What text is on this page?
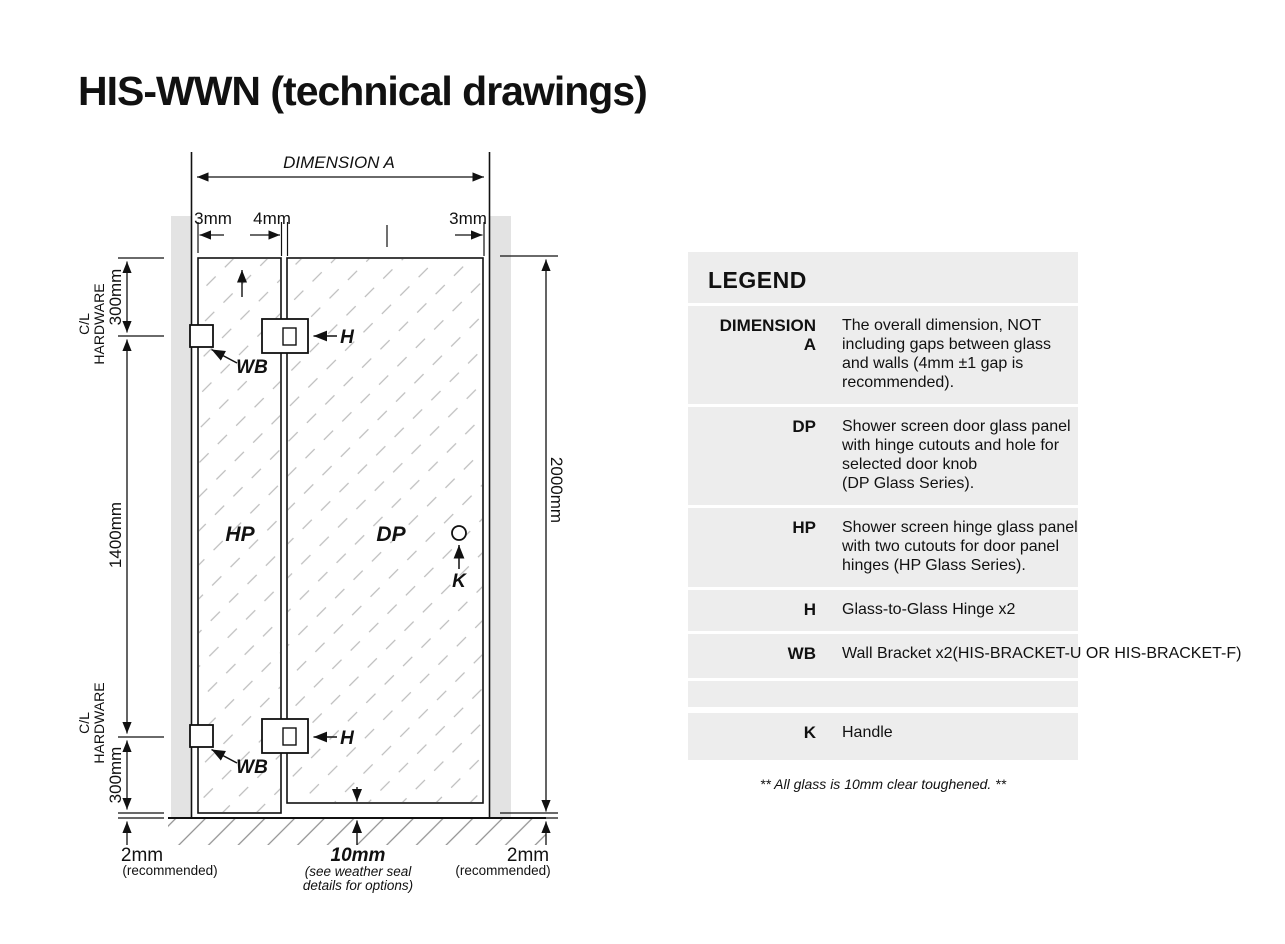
HIS-WWN (technical drawings)
DIMENSION A
3mm 4mm	3mm
300mm
C/L HARDWARE
1400mm
C/L HARDWARE
300mm
2000mm
H
H
WB
WB
HP	DP
K
2mm
(recommended)
10mm
(see weather seal
details for options)
2mm
(recommended)
LEGEND
DIMENSION A
The overall dimension, NOT
including gaps between glass
and walls (4mm ±1 gap is
recommended).
DP Shower screen door glass panel
with hinge cutouts and hole for
selected door knob
(DP Glass Series).
HP Shower screen hinge glass panel
with two cutouts for door panel
hinges (HP Glass Series).
H Glass-to-Glass Hinge x2
WB Wall Bracket x2(HIS-BRACKET-U OR HIS-BRACKET-F)
K Handle
** All glass is 10mm clear toughened. **
